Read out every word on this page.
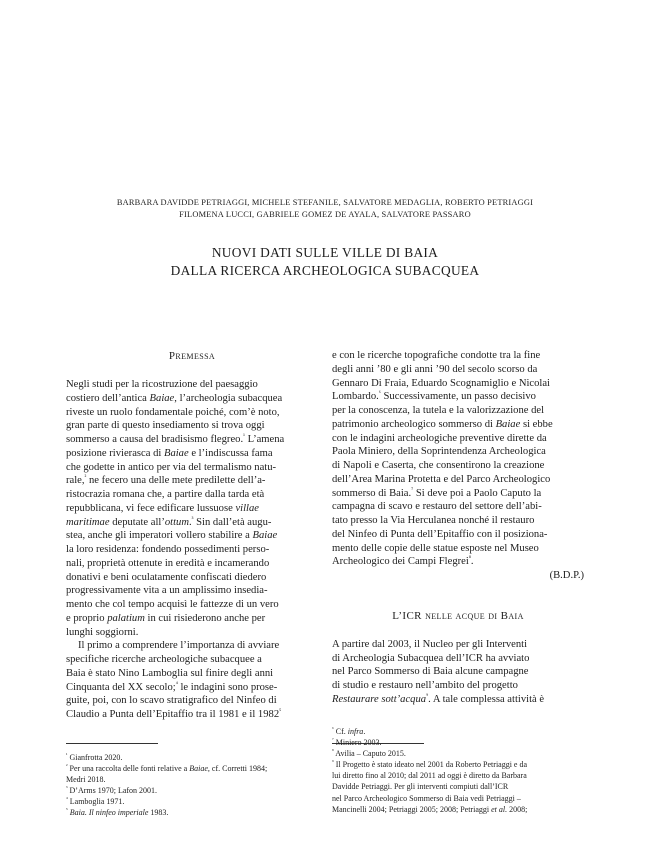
BARBARA DAVIDDE PETRIAGGI, MICHELE STEFANILE, SALVATORE MEDAGLIA, ROBERTO PETRIAGGI
FILOMENA LUCCI, GABRIELE GOMEZ DE AYALA, SALVATORE PASSARO
NUOVI DATI SULLE VILLE DI BAIA
DALLA RICERCA ARCHEOLOGICA SUBACQUEA
Premessa
Negli studi per la ricostruzione del paesaggio
costiero dell’antica Baiae, l’archeologia subacquea
riveste un ruolo fondamentale poiché, com’è noto,
gran parte di questo insediamento si trova oggi
sommerso a causa del bradisismo flegreo.$^{^1}$ L’amena
posizione rivierasca di Baiae e l’indiscussa fama
che godette in antico per via del termalismo natu-
rale,$^{^2}$ ne fecero una delle mete predilette dell’a-
ristocrazia romana che, a partire dalla tarda età
repubblicana, vi fece edificare lussuose villae
maritimae deputate all’ottum.$^{^3}$ Sin dall’età augu-
stea, anche gli imperatori vollero stabilire a Baiae
la loro residenza: fondendo possedimenti perso-
nali, proprietà ottenute in eredità e incamerando
donativi e beni oculatamente confiscati diedero
progressivamente vita a un amplissimo insedia-
mento che col tempo acquisì le fattezze di un vero
e proprio palatium in cui risiederono anche per
lunghi soggiorni.
Il primo a comprendere l’importanza di avviare
specifiche ricerche archeologiche subacquee a
Baia è stato Nino Lamboglia sul finire degli anni
Cinquanta del XX secolo;$^{^4}$ le indagini sono prose-
guite, poi, con lo scavo stratigrafico del Ninfeo di
Claudio a Punta dell’Epitaffio tra il 1981 e il $1982^{^5}$
e con le ricerche topografiche condotte tra la fine
degli anni ’80 e gli anni ’90 del secolo scorso da
Gennaro Di Fraia, Eduardo Scognamiglio e Nicolai
Lombardo.$^{^6}$ Successivamente, un passo decisivo
per la conoscenza, la tutela e la valorizzazione del
patrimonio archeologico sommerso di Baiae si ebbe
con le indagini archeologiche preventive dirette da
Paola Miniero, della Soprintendenza Archeologica
di Napoli e Caserta, che consentirono la creazione
dell’Area Marina Protetta e del Parco Archeologico
sommerso di Baia.$^{^7}$ Si deve poi a Paolo Caputo la
campagna di scavo e restauro del settore dell’abi-
tato presso la Via Herculanea nonché il restauro
del Ninfeo di Punta dell’Epitaffio con il posiziona-
mento delle copie delle statue esposte nel Museo
Archeologico dei Campi Flegrei$^{^8}$.
(B.D.P.)
L’ICR nelle acque di Baia
A partire dal 2003, il Nucleo per gli Interventi
di Archeologia Subacquea dell’ICR ha avviato
nel Parco Sommerso di Baia alcune campagne
di studio e restauro nell’ambito del progetto
Restaurare sott’acqua$^{^9}$. A tale complessa attività è
$^{^1}$ Gianfrotta 2020.
$^{^2}$ Per una raccolta delle fonti relative a Baiae, cf. Corretti 1984;
Medri 2018.
$^{^3}$ D’Arms 1970; Lafon 2001.
$^{^4}$ Lamboglia 1971.
$^{^5}$ Baia. Il ninfeo imperiale 1983.
$^{^6}$ Cf. infra.
$^{^7}$ Miniero 2003.
$^{^8}$ Avilia – Caputo 2015.
$^{^9}$ Il Progetto è stato ideato nel 2001 da Roberto Petriaggi e da
lui diretto fino al 2010; dal 2011 ad oggi è diretto da Barbara
Davidde Petriaggi. Per gli interventi compiuti dall’ICR
nel Parco Archeologico Sommerso di Baia vedi Petriaggi –
Mancinelli 2004; Petriaggi 2005; 2008; Petriaggi et al. 2008;
